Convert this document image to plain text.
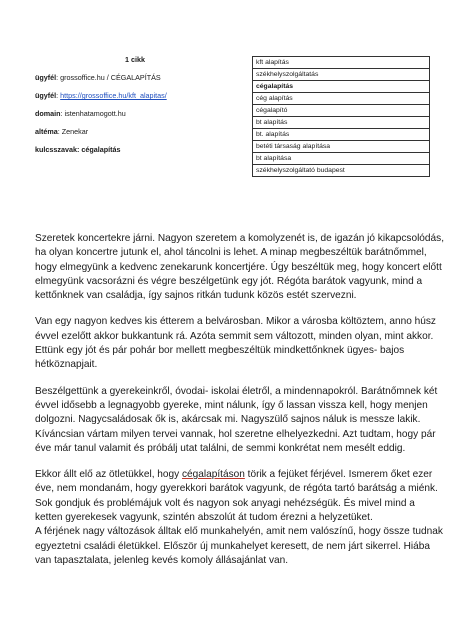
1 cikk
ügyfél: grossoffice.hu / CÉGALAPÍTÁS
ügyfél: https://grossoffice.hu/kft_alapitas/
domain: istenhatamogott.hu
altéma: Zenekar
kulcsszavak: cégalapítás
kft alapítás
székhelyszolgáltatás
cégalapítás
cég alapítás
cégalapító
bt alapítás
bt. alapítás
betéti társaság alapítása
bt alapítása
székhelyszolgáltató budapest

Szeretek koncertekre járni. Nagyon szeretem a komolyzenét is, de igazán jó kikapcsolódás, ha olyan koncertre jutunk el, ahol táncolni is lehet. A minap megbeszéltük barátnőmmel, hogy elmegyünk a kedvenc zenekarunk koncertjére. Úgy beszéltük meg, hogy koncert előtt elmegyünk vacsorázni és végre beszélgetünk egy jót. Régóta barátok vagyunk, mind a kettőnknek van családja, így sajnos ritkán tudunk közös estét szervezni.

Van egy nagyon kedves kis étterem a belvárosban. Mikor a városba költöztem, anno húsz évvel ezelőtt akkor bukkantunk rá. Azóta semmit sem változott, minden olyan, mint akkor. Ettünk egy jót és pár pohár bor mellett megbeszéltük mindkettőnknek ügyes- bajos hétköznapjait.

Beszélgettünk a gyerekeinkről, óvodai- iskolai életről, a mindennapokról. Barátnőmnek két évvel idősebb a legnagyobb gyereke, mint nálunk, így ő lassan vissza kell, hogy menjen dolgozni. Nagycsaládosak ők is, akárcsak mi. Nagyszülő sajnos náluk is messze lakik. Kíváncsian vártam milyen tervei vannak, hol szeretne elhelyezkedni. Azt tudtam, hogy pár éve már tanul valamit és próbálj utat találni, de semmi konkrétat nem mesélt eddig.

Ekkor állt elő az ötletükkel, hogy cégalapításon törik a fejüket férjével. Ismerem őket ezer éve, nem mondanám, hogy gyerekkori barátok vagyunk, de régóta tartó barátság a miénk. Sok gondjuk és problémájuk volt és nagyon sok anyagi nehézségük. És mivel mind a ketten gyerekesek vagyunk, szintén abszolút át tudom érezni a helyzetüket.

A férjének nagy változások álltak elő munkahelyén, amit nem valószínű, hogy össze tudnak egyeztetni családi életükkel. Először új munkahelyet keresett, de nem járt sikerrel. Hiába van tapasztalata, jelenleg kevés komoly állásajánlat van.
